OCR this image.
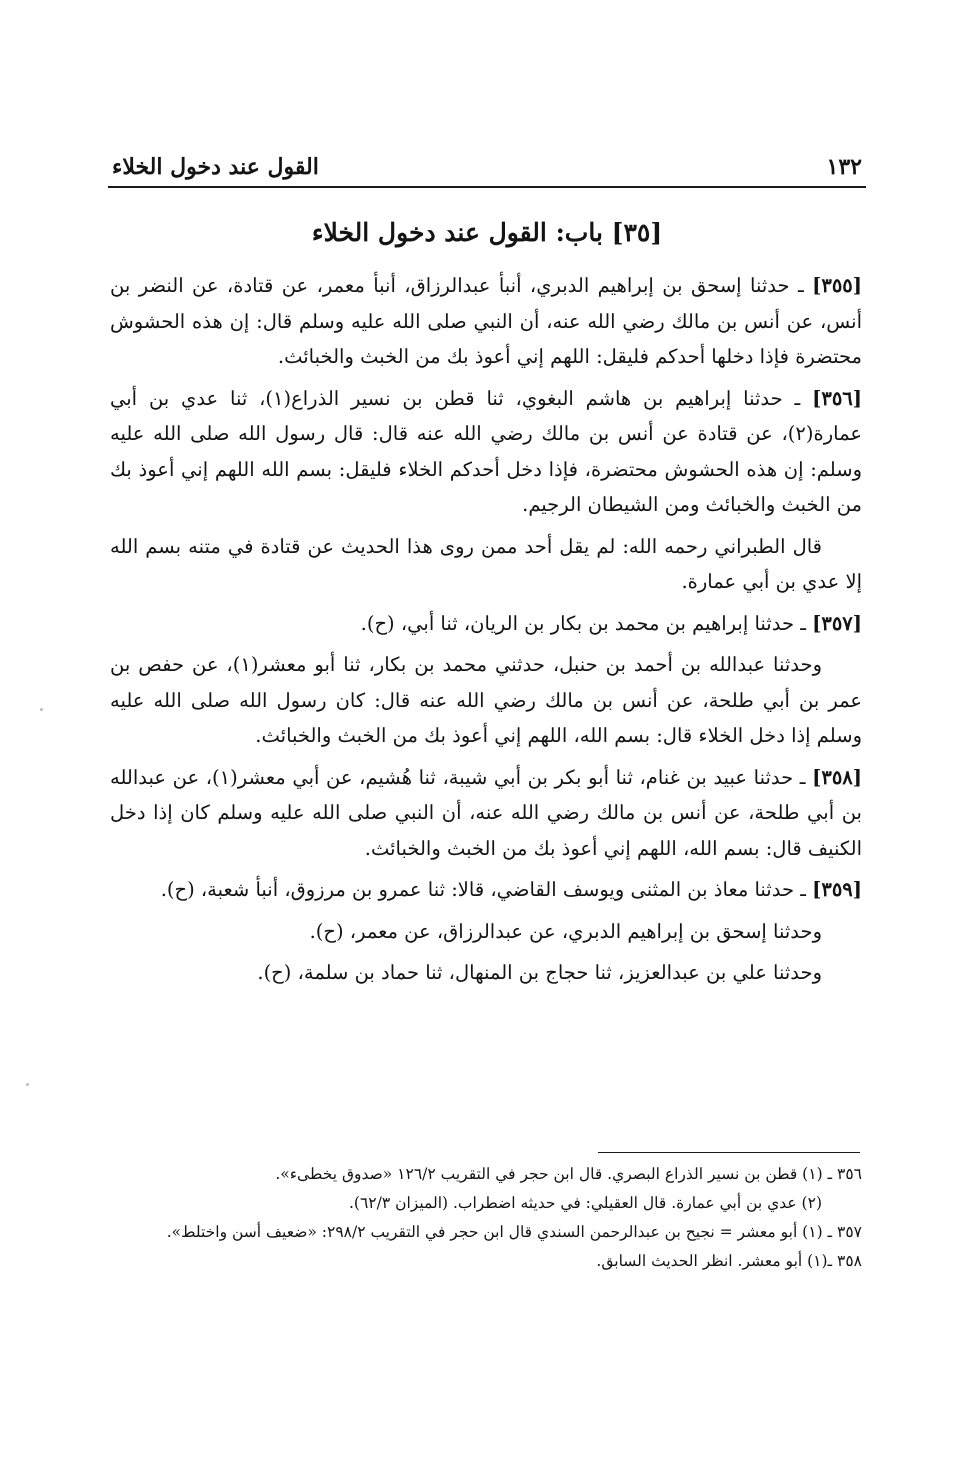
القول عند دخول الخلاء	١٣٢
[٣٥] باب: القول عند دخول الخلاء

[٣٥٥] ـ حدثنا إسحق بن إبراهيم الدبري، أنبأ عبدالرزاق، أنبأ معمر، عن قتادة، عن النضر بن أنس، عن أنس بن مالك رضي الله عنه، أن النبي صلى الله عليه وسلم قال: إن هذه الحشوش محتضرة فإذا دخلها أحدكم فليقل: اللهم إني أعوذ بك من الخبث والخبائث.

[٣٥٦] ـ حدثنا إبراهيم بن هاشم البغوي، ثنا قطن بن نسير الذراع(١)، ثنا عدي بن أبي عمارة(٢)، عن قتادة عن أنس بن مالك رضي الله عنه قال: قال رسول الله صلى الله عليه وسلم: إن هذه الحشوش محتضرة، فإذا دخل أحدكم الخلاء فليقل: بسم الله اللهم إني أعوذ بك من الخبث والخبائث ومن الشيطان الرجيم.

قال الطبراني رحمه الله: لم يقل أحد ممن روى هذا الحديث عن قتادة في متنه بسم الله إلا عدي بن أبي عمارة.

[٣٥٧] ـ حدثنا إبراهيم بن محمد بن بكار بن الريان، ثنا أبي، (ح).

وحدثنا عبدالله بن أحمد بن حنبل، حدثني محمد بن بكار، ثنا أبو معشر(١)، عن حفص بن عمر بن أبي طلحة، عن أنس بن مالك رضي الله عنه قال: كان رسول الله صلى الله عليه وسلم إذا دخل الخلاء قال: بسم الله، اللهم إني أعوذ بك من الخبث والخبائث.

[٣٥٨] ـ حدثنا عبيد بن غنام، ثنا أبو بكر بن أبي شيبة، ثنا هُشيم، عن أبي معشر(١)، عن عبدالله بن أبي طلحة، عن أنس بن مالك رضي الله عنه، أن النبي صلى الله عليه وسلم كان إذا دخل الكنيف قال: بسم الله، اللهم إني أعوذ بك من الخبث والخبائث.

[٣٥٩] ـ حدثنا معاذ بن المثنى ويوسف القاضي، قالا: ثنا عمرو بن مرزوق، أنبأ شعبة، (ح).

وحدثنا إسحق بن إبراهيم الدبري، عن عبدالرزاق، عن معمر، (ح).

وحدثنا علي بن عبدالعزيز، ثنا حجاج بن المنهال، ثنا حماد بن سلمة، (ح).

٣٥٦ ـ (١) قطن بن نسير الذراع البصري. قال ابن حجر في التقريب ١٢٦/٢ «صدوق يخطىء».
(٢) عدي بن أبي عمارة. قال العقيلي: في حديثه اضطراب. (الميزان ٦٢/٣).
٣٥٧ ـ (١) أبو معشر = نجيح بن عبدالرحمن السندي قال ابن حجر في التقريب ٢٩٨/٢: «ضعيف أسن واختلط».
٣٥٨ ـ(١) أبو معشر. انظر الحديث السابق.
